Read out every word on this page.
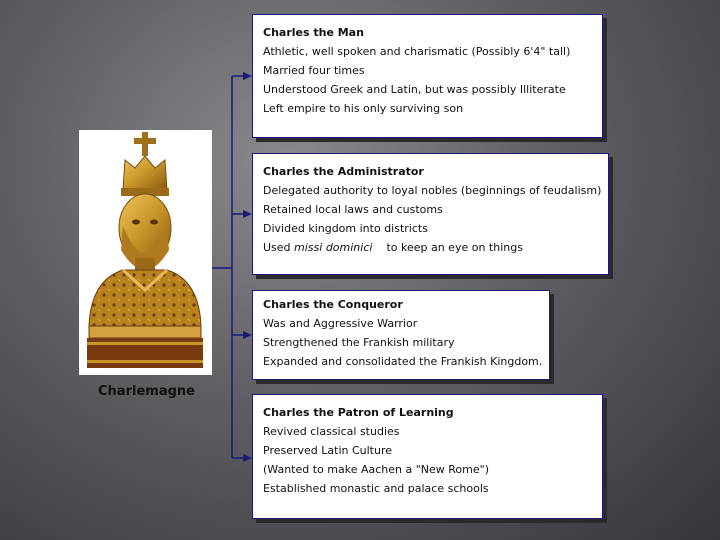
Charlemagne
Charles the Man
Athletic, well spoken and charismatic (Possibly 6'4" tall)
Married four times
Understood Greek and Latin, but was possibly Illiterate
Left empire to his only surviving son
Charles the Administrator
Delegated authority to loyal nobles (beginnings of feudalism)
Retained local laws and customs
Divided kingdom into districts
Used missi dominici to keep an eye on things
Charles the Conqueror
Was and Aggressive Warrior
Strengthened the Frankish military
Expanded and consolidated the Frankish Kingdom.
Charles the Patron of Learning
Revived classical studies
Preserved Latin Culture
(Wanted to make Aachen a "New Rome")
Established monastic and palace schools
